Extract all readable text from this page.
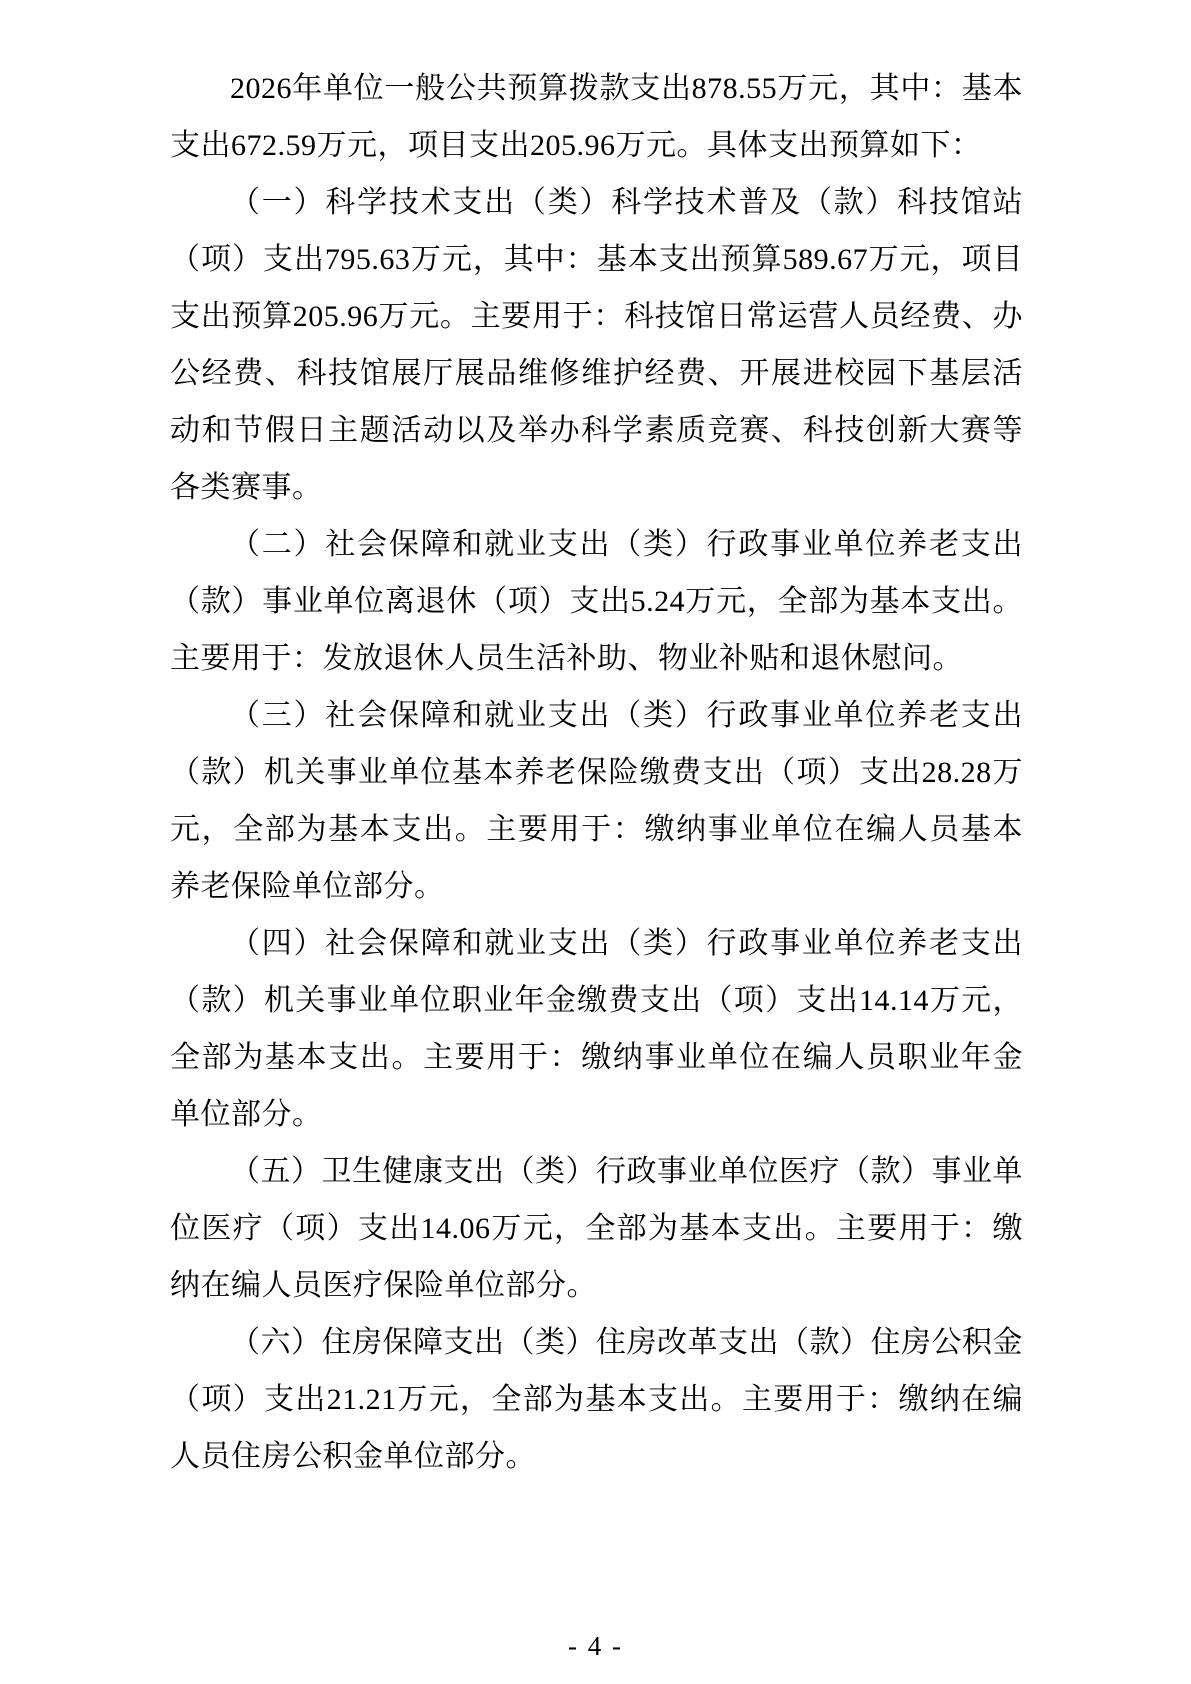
2026年单位一般公共预算拨款支出878.55万元，其中：基本支出672.59万元，项目支出205.96万元。具体支出预算如下：

（一）科学技术支出（类）科学技术普及（款）科技馆站（项）支出795.63万元，其中：基本支出预算589.67万元，项目支出预算205.96万元。主要用于：科技馆日常运营人员经费、办公经费、科技馆展厅展品维修维护经费、开展进校园下基层活动和节假日主题活动以及举办科学素质竞赛、科技创新大赛等各类赛事。

（二）社会保障和就业支出（类）行政事业单位养老支出（款）事业单位离退休（项）支出5.24万元，全部为基本支出。主要用于：发放退休人员生活补助、物业补贴和退休慰问。

（三）社会保障和就业支出（类）行政事业单位养老支出（款）机关事业单位基本养老保险缴费支出（项）支出28.28万元，全部为基本支出。主要用于：缴纳事业单位在编人员基本养老保险单位部分。

（四）社会保障和就业支出（类）行政事业单位养老支出（款）机关事业单位职业年金缴费支出（项）支出14.14万元，全部为基本支出。主要用于：缴纳事业单位在编人员职业年金单位部分。

（五）卫生健康支出（类）行政事业单位医疗（款）事业单位医疗（项）支出14.06万元，全部为基本支出。主要用于：缴纳在编人员医疗保险单位部分。

（六）住房保障支出（类）住房改革支出（款）住房公积金（项）支出21.21万元，全部为基本支出。主要用于：缴纳在编人员住房公积金单位部分。

- 4 -
